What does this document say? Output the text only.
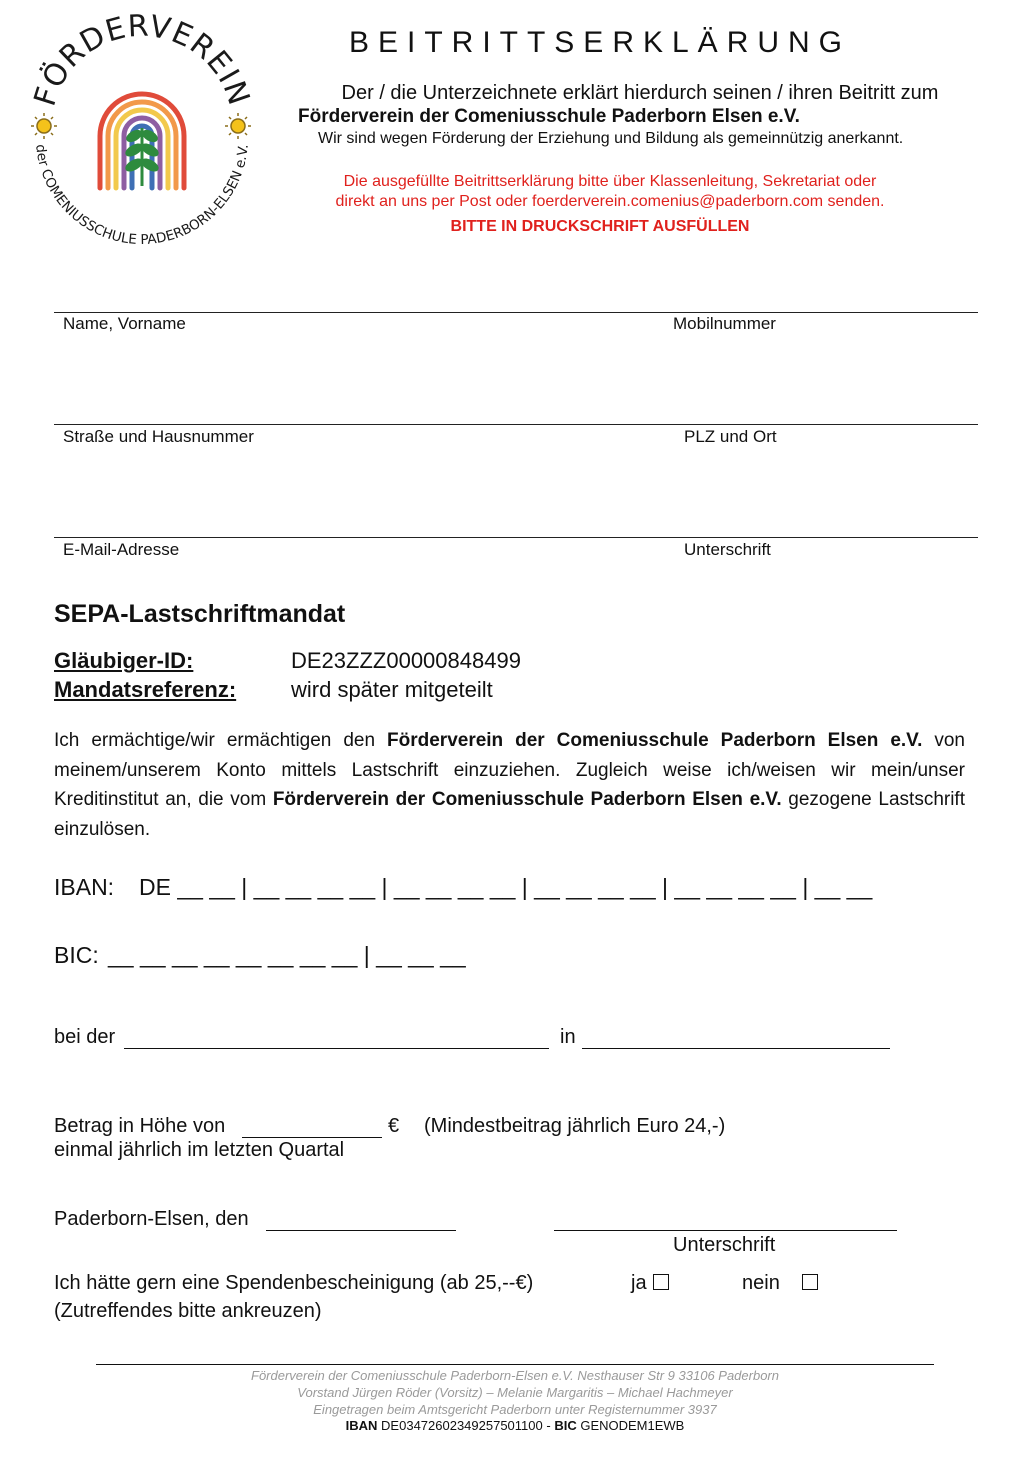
FÖRDERVEREIN
der COMENIUSSCHULE PADERBORN-ELSEN e.V.
BEITRITTSERKLÄRUNG
Der / die Unterzeichnete erklärt hierdurch seinen / ihren Beitritt zum
Förderverein der Comeniusschule Paderborn Elsen e.V.
Wir sind wegen Förderung der Erziehung und Bildung als gemeinnützig anerkannt.
Die ausgefüllte Beitrittserklärung bitte über Klassenleitung, Sekretariat oder
direkt an uns per Post oder foerderverein.comenius@paderborn.com senden.
BITTE IN DRUCKSCHRIFT AUSFÜLLEN
Name, Vorname	Mobilnummer
Straße und Hausnummer	PLZ und Ort
E-Mail-Adresse	Unterschrift
SEPA-Lastschriftmandat
Gläubiger-ID:	DE23ZZZ00000848499
Mandatsreferenz: wird später mitgeteilt
Ich ermächtige/wir ermächtigen den Förderverein der Comeniusschule Paderborn Elsen e.V. von meinem/unserem Konto mittels Lastschrift einzuziehen. Zugleich weise ich/weisen wir mein/unser Kreditinstitut an, die vom Förderverein der Comeniusschule Paderborn Elsen e.V. gezogene Lastschrift einzulösen.
IBAN: DE __ __ | __ __ __ __ | __ __ __ __ | __ __ __ __ | __ __ __ __ | __ __
BIC: __ __ __ __ __ __ __ __ | __ __ __
bei der	in
Betrag in Höhe von	€ (Mindestbeitrag jährlich Euro 24,-)
einmal jährlich im letzten Quartal
Paderborn-Elsen, den
Unterschrift
Ich hätte gern eine Spendenbescheinigung (ab 25,--€)	ja	nein
(Zutreffendes bitte ankreuzen)
Förderverein der Comeniusschule Paderborn-Elsen e.V. Nesthauser Str 9 33106 Paderborn
Vorstand Jürgen Röder (Vorsitz) – Melanie Margaritis – Michael Hachmeyer
Eingetragen beim Amtsgericht Paderborn unter Registernummer 3937
IBAN DE03472602349257501100 - BIC GENODEM1EWB
